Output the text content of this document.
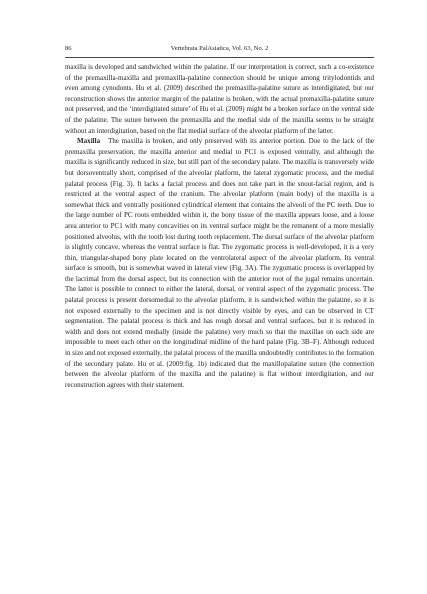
86	Vertebrata PalAsiatica, Vol. 63, No. 2

maxilla is developed and sandwiched within the palatine. If our interpretation is correct, such a co-existence of the premaxilla-maxilla and premaxilla-palatine connection should be unique among tritylodontids and even among cynodonts. Hu et al. (2009) described the premaxilla-palatine suture as interdigitated, but our reconstruction shows the anterior margin of the palatine is broken, with the actual premaxilla-palatine suture not preserved, and the ‘interdigitated suture’ of Hu et al. (2009) might be a broken surface on the ventral side of the palatine. The suture between the premaxilla and the medial side of the maxilla seems to be straight without an interdigitation, based on the flat medial surface of the alveolar platform of the latter.

Maxilla The maxilla is broken, and only preserved with its anterior portion. Due to the lack of the premaxilla preservation, the maxilla anterior and medial to PC1 is exposed ventrally, and although the maxilla is significantly reduced in size, but still part of the secondary palate. The maxilla is transversely wide but dorsoventrally short, comprised of the alveolar platform, the lateral zygomatic process, and the medial palatal process (Fig. 3). It lacks a facial process and does not take part in the snout-facial region, and is restricted at the ventral aspect of the cranium. The alveolar platform (main body) of the maxilla is a somewhat thick and ventrally positioned cylindrical element that contains the alveoli of the PC teeth. Due to the large number of PC roots embedded within it, the bony tissue of the maxilla appears loose, and a loose area anterior to PC1 with many concavities on its ventral surface might be the remanent of a more mesially positioned alveolus, with the tooth lost during tooth replacement. The dorsal surface of the alveolar platform is slightly concave, whereas the ventral surface is flat. The zygomatic process is well-developed, it is a very thin, triangular-shaped bony plate located on the ventrolateral aspect of the alveolar platform. Its ventral surface is smooth, but is somewhat waved in lateral view (Fig. 3A). The zygomatic process is overlapped by the lacrimal from the dorsal aspect, but its connection with the anterior root of the jugal remains uncertain. The latter is possible to connect to either the lateral, dorsal, or ventral aspect of the zygomatic process. The palatal process is present dorsomedial to the alveolar platform, it is sandwiched within the palatine, so it is not exposed externally to the specimen and is not directly visible by eyes, and can be observed in CT segmentation. The palatal process is thick and has rough dorsal and ventral surfaces, but it is reduced in width and does not extend medially (inside the palatine) very much so that the maxillae on each side are impossible to meet each other on the longitudinal midline of the hard palate (Fig. 3B–F). Although reduced in size and not exposed externally, the palatal process of the maxilla undoubtedly contributes to the formation of the secondary palate. Hu et al. (2009:fig. 1b) indicated that the maxillopalatine suture (the connection between the alveolar platform of the maxilla and the palatine) is flat without interdigitation, and our reconstruction agrees with their statement.
